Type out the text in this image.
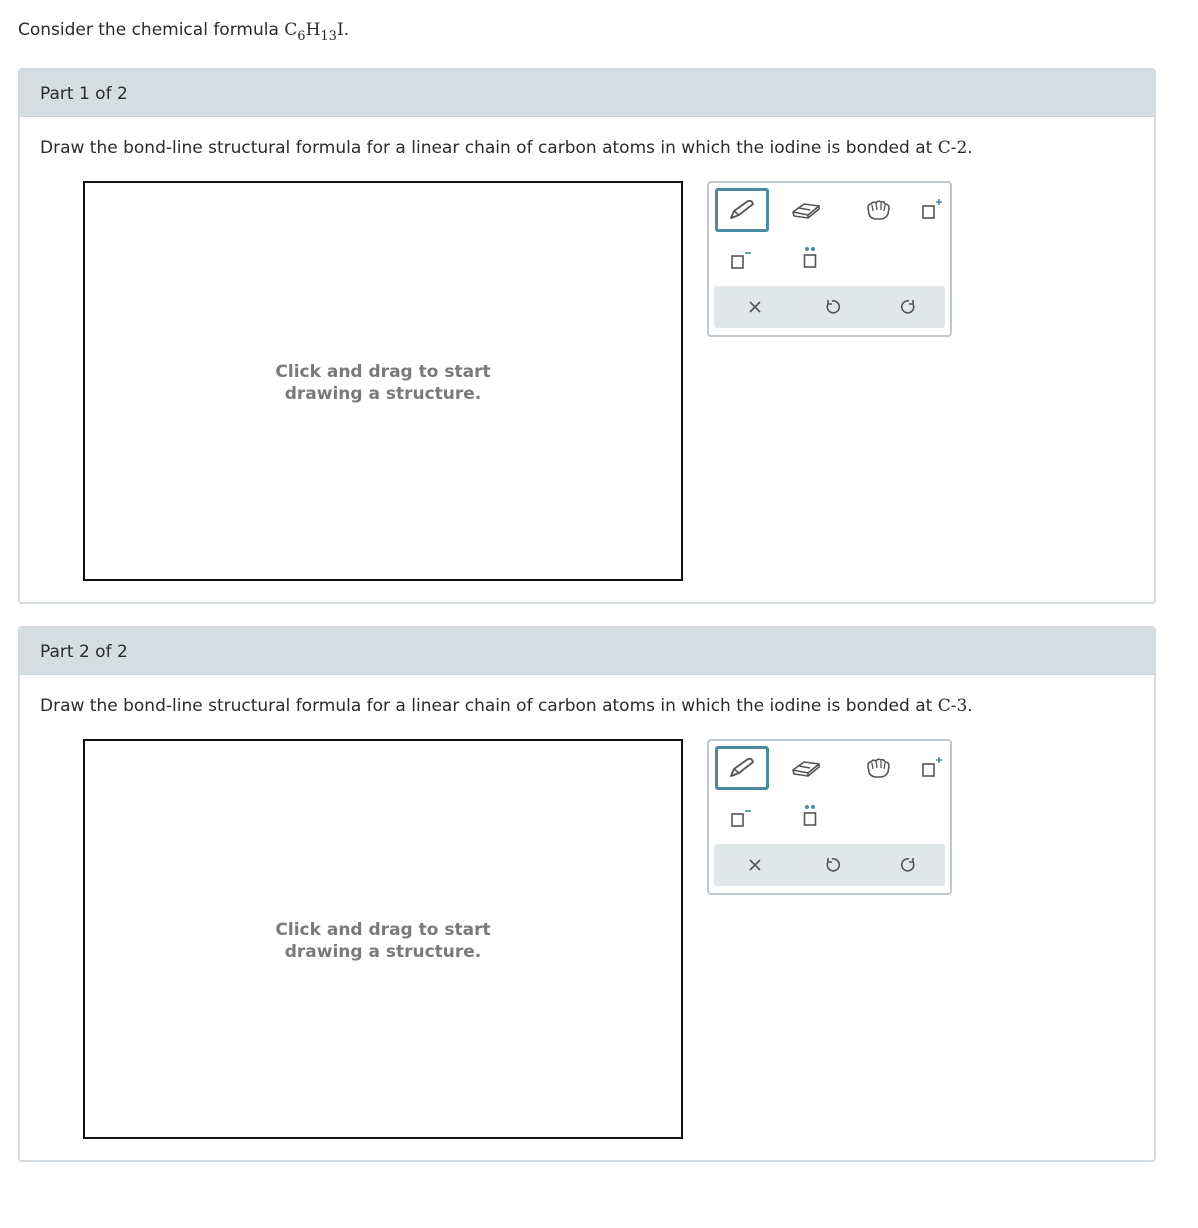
Consider the chemical formula $C_6H_{13}I$.
Part 1 of 2
Draw the bond-line structural formula for a linear chain of carbon atoms in which the iodine is bonded at C-2.
Click and drag to start
drawing a structure.
Part 2 of 2
Draw the bond-line structural formula for a linear chain of carbon atoms in which the iodine is bonded at C-3.
Click and drag to start
drawing a structure.
